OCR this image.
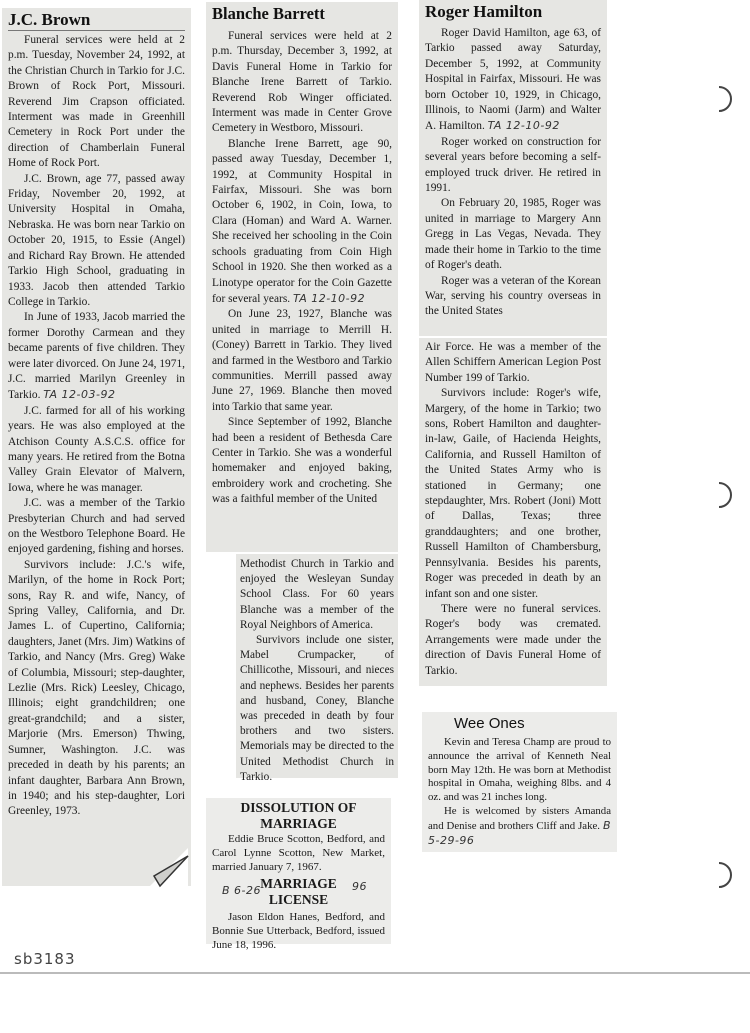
J.C. Brown

Funeral services were held at 2 p.m. Tuesday, November 24, 1992, at the Christian Church in Tarkio for J.C. Brown of Rock Port, Missouri. Reverend Jim Crapson officiated. Interment was made in Greenhill Cemetery in Rock Port under the direction of Chamberlain Funeral Home of Rock Port.

J.C. Brown, age 77, passed away Friday, November 20, 1992, at University Hospital in Omaha, Nebraska. He was born near Tarkio on October 20, 1915, to Essie (Angel) and Richard Ray Brown. He attended Tarkio High School, graduating in 1933. Jacob then attended Tarkio College in Tarkio.

In June of 1933, Jacob married the former Dorothy Carmean and they became parents of five children. They were later divorced. On June 24, 1971, J.C. married Marilyn Greenley in Tarkio. TA 12-03-92

J.C. farmed for all of his working years. He was also employed at the Atchison County A.S.C.S. office for many years. He retired from the Botna Valley Grain Elevator of Malvern, Iowa, where he was manager.

J.C. was a member of the Tarkio Presbyterian Church and had served on the Westboro Telephone Board. He enjoyed gardening, fishing and horses.

Survivors include: J.C.'s wife, Marilyn, of the home in Rock Port; sons, Ray R. and wife, Nancy, of Spring Valley, California, and Dr. James L. of Cupertino, California; daughters, Janet (Mrs. Jim) Watkins of Tarkio, and Nancy (Mrs. Greg) Wake of Columbia, Missouri; step-daughter, Lezlie (Mrs. Rick) Leesley, Chicago, Illinois; eight grandchildren; one great-grandchild; and a sister, Marjorie (Mrs. Emerson) Thwing, Sumner, Washington. J.C. was preceded in death by his parents; an infant daughter, Barbara Ann Brown, in 1940; and his step-daughter, Lori Greenley, 1973.

Blanche Barrett

Funeral services were held at 2 p.m. Thursday, December 3, 1992, at Davis Funeral Home in Tarkio for Blanche Irene Barrett of Tarkio. Reverend Rob Winger officiated. Interment was made in Center Grove Cemetery in Westboro, Missouri.

Blanche Irene Barrett, age 90, passed away Tuesday, December 1, 1992, at Community Hospital in Fairfax, Missouri. She was born October 6, 1902, in Coin, Iowa, to Clara (Homan) and Ward A. Warner. She received her schooling in the Coin schools graduating from Coin High School in 1920. She then worked as a Linotype operator for the Coin Gazette for several years. TA 12-10-92

On June 23, 1927, Blanche was united in marriage to Merrill H. (Coney) Barrett in Tarkio. They lived and farmed in the Westboro and Tarkio communities. Merrill passed away June 27, 1969. Blanche then moved into Tarkio that same year.

Since September of 1992, Blanche had been a resident of Bethesda Care Center in Tarkio. She was a wonderful homemaker and enjoyed baking, embroidery work and crocheting. She was a faithful member of the United

Methodist Church in Tarkio and enjoyed the Wesleyan Sunday School Class. For 60 years Blanche was a member of the Royal Neighbors of America.

Survivors include one sister, Mabel Crumpacker, of Chillicothe, Missouri, and nieces and nephews. Besides her parents and husband, Coney, Blanche was preceded in death by four brothers and two sisters. Memorials may be directed to the United Methodist Church in Tarkio.

Roger Hamilton

Roger David Hamilton, age 63, of Tarkio passed away Saturday, December 5, 1992, at Community Hospital in Fairfax, Missouri. He was born October 10, 1929, in Chicago, Illinois, to Naomi (Jarm) and Walter A. Hamilton. TA 12-10-92

Roger worked on construction for several years before becoming a self-employed truck driver. He retired in 1991.

On February 20, 1985, Roger was united in marriage to Margery Ann Gregg in Las Vegas, Nevada. They made their home in Tarkio to the time of Roger's death.

Roger was a veteran of the Korean War, serving his country overseas in the United States

Air Force. He was a member of the Allen Schiffern American Legion Post Number 199 of Tarkio.

Survivors include: Roger's wife, Margery, of the home in Tarkio; two sons, Robert Hamilton and daughter-in-law, Gaile, of Hacienda Heights, California, and Russell Hamilton of the United States Army who is stationed in Germany; one stepdaughter, Mrs. Robert (Joni) Mott of Dallas, Texas; three granddaughters; and one brother, Russell Hamilton of Chambersburg, Pennsylvania. Besides his parents, Roger was preceded in death by an infant son and one sister.

There were no funeral services. Roger's body was cremated. Arrangements were made under the direction of Davis Funeral Home of Tarkio.

Wee Ones

Kevin and Teresa Champ are proud to announce the arrival of Kenneth Neal born May 12th. He was born at Methodist hospital in Omaha, weighing 8lbs. and 4 oz. and was 21 inches long.

He is welcomed by sisters Amanda and Denise and brothers Cliff and Jake. B 5-29-96

DISSOLUTION OF MARRIAGE

Eddie Bruce Scotton, Bedford, and Carol Lynne Scotton, New Market, married January 7, 1967.

B 6-26 MARRIAGE LICENSE
96

Jason Eldon Hanes, Bedford, and Bonnie Sue Utterback, Bedford, issued June 18, 1996.

sb3183
